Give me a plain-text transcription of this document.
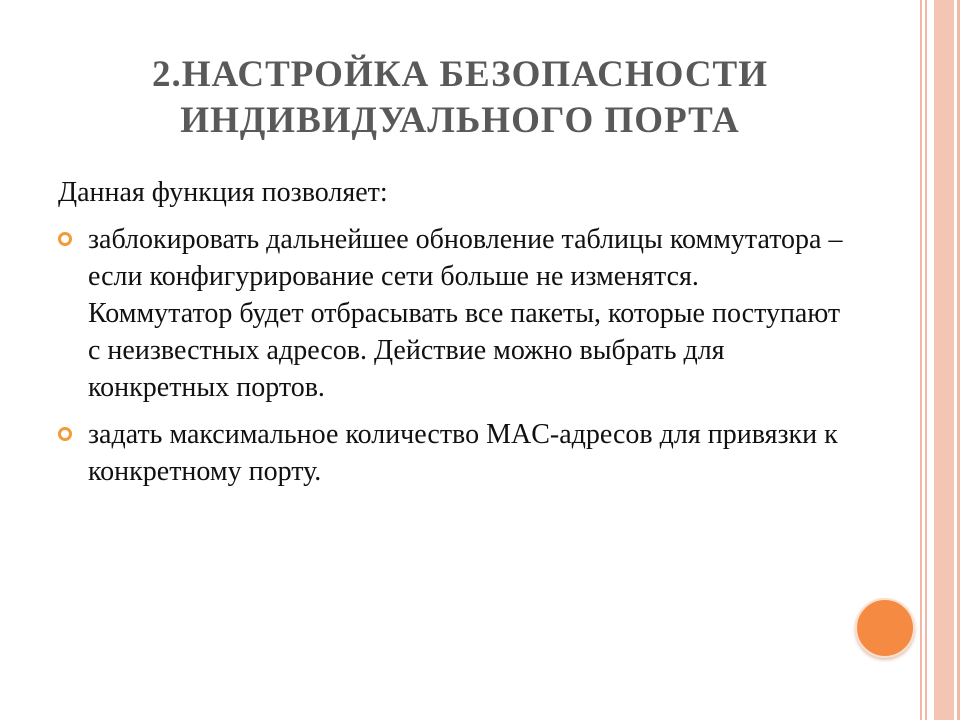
2.НАСТРОЙКА БЕЗОПАСНОСТИ ИНДИВИДУАЛЬНОГО ПОРТА

Данная функция позволяет:

заблокировать дальнейшее обновление таблицы коммутатора – если конфигурирование сети больше не изменятся. Коммутатор будет отбрасывать все пакеты, которые поступают с неизвестных адресов. Действие можно выбрать для конкретных портов.
задать максимальное количество MAC-адресов для привязки к конкретному порту.
